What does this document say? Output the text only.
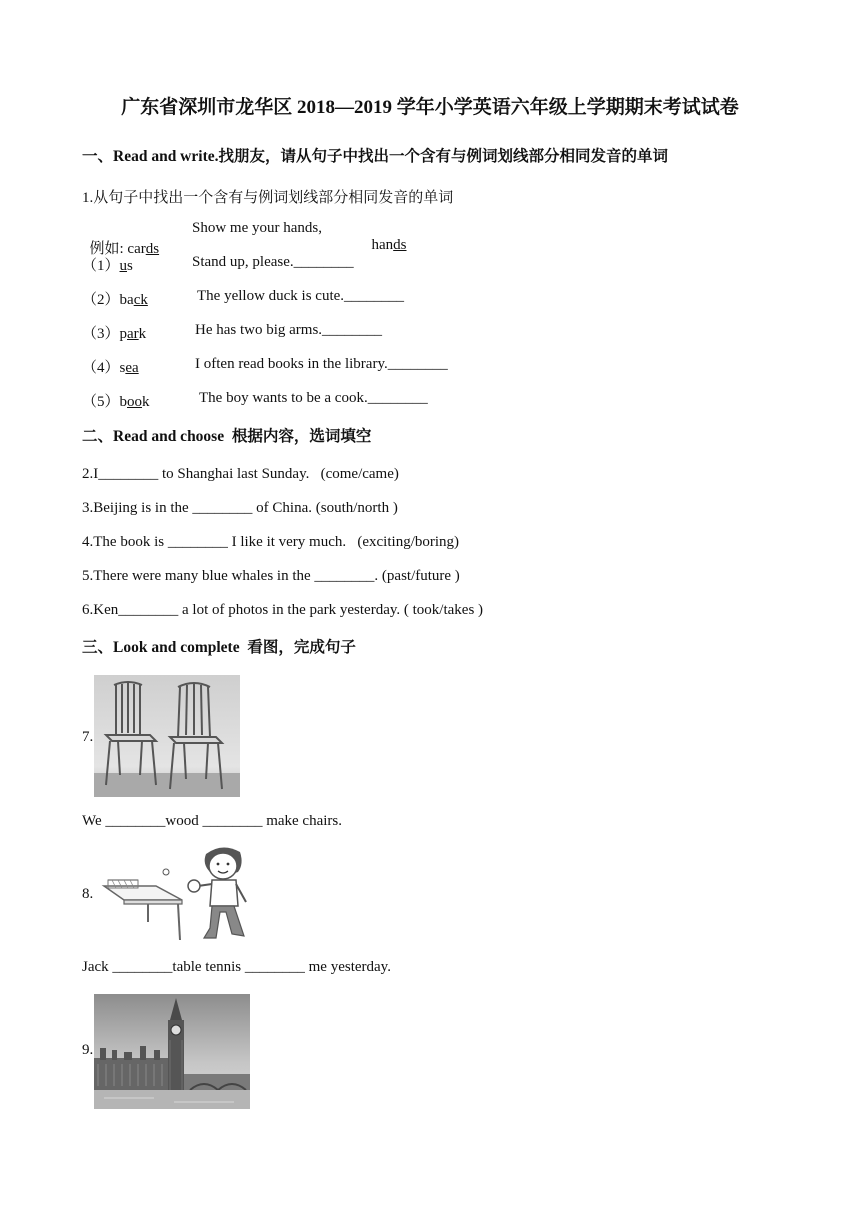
广东省深圳市龙华区 2018—2019 学年小学英语六年级上学期期末考试试卷
一、Read and write.找朋友，请从句子中找出一个含有与例词划线部分相同发音的单词
1.从句子中找出一个含有与例词划线部分相同发音的单词

例如: cards

Show me your hands,

hands

（1）us	Stand up, please.________
（2）back	The yellow duck is cute.________
（3）park	He has two big arms.________
（4）sea	I often read books in the library.________
（5）book	The boy wants to be a cook.________
二、Read and choose  根据内容，选词填空
2.I________ to Shanghai last Sunday.   (come/came)
3.Beijing is in the ________ of China. (south/north )
4.The book is ________ I like it very much.   (exciting/boring)
5.There were many blue whales in the ________. (past/future )
6.Ken________ a lot of photos in the park yesterday. ( took/takes )
三、Look and complete  看图，完成句子
7.
We ________wood ________ make chairs.
8.
Jack ________table tennis ________ me yesterday.
9.
